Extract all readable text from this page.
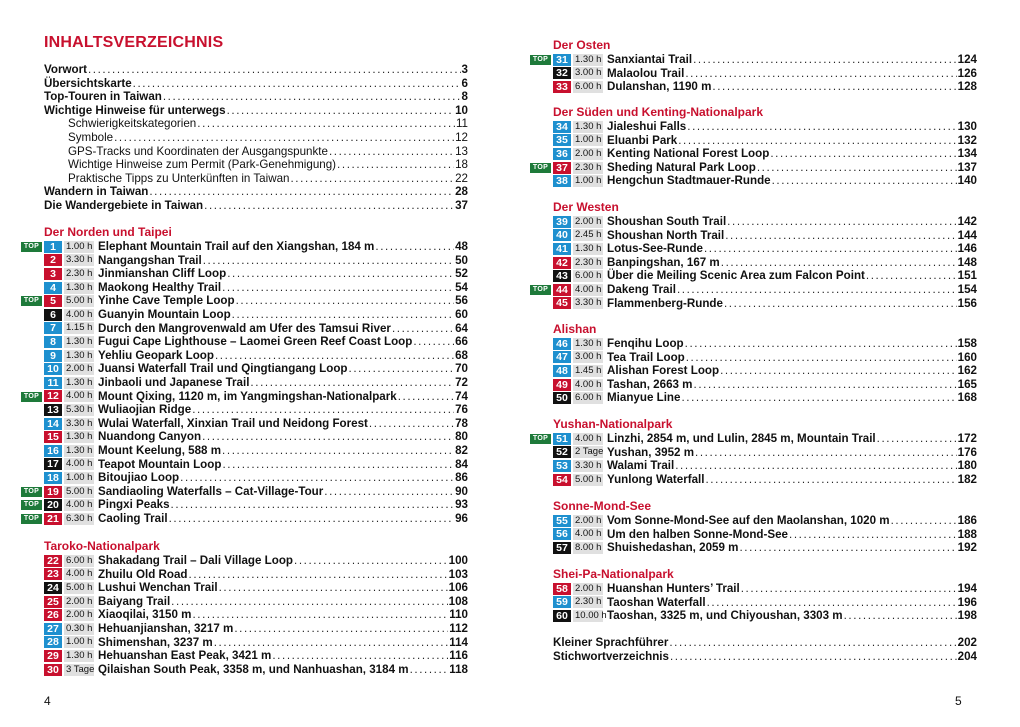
INHALTSVERZEICHNIS
Vorwort .....	3
Übersichtskarte .....	6
Top-Touren in Taiwan .....	8
Wichtige Hinweise für unterwegs .....	10
Schwierigkeitskategorien .....	11
Symbole .....	12
GPS-Tracks und Koordinaten der Ausgangspunkte .....	13
Wichtige Hinweise zum Permit (Park-Genehmigung) .....	18
Praktische Tipps zu Unterkünften in Taiwan .....	22
Wandern in Taiwan .....	28
Die Wandergebiete in Taiwan .....	37
Der Norden und Taipei
TOP	1	1.00 h Elephant Mountain Trail auf den Xiangshan, 184 m .....	48
2	3.30 h Nangangshan Trail .....	50
3	2.30 h Jinmianshan Cliff Loop .....	52
4	1.30 h Maokong Healthy Trail .....	54
TOP	5	5.00 h Yinhe Cave Temple Loop .....	56
6	4.00 h Guanyin Mountain Loop .....	60
7	1.15 h Durch den Mangrovenwald am Ufer des Tamsui River .....	64
8	1.30 h Fugui Cape Lighthouse – Laomei Green Reef Coast Loop .....	66
9	1.30 h Yehliu Geopark Loop .....	68
10 2.00 h Juansi Waterfall Trail und Qingtiangang Loop .....	70
11 1.30 h Jinbaoli und Japanese Trail .....	72
TOP 12 4.00 h Mount Qixing, 1120 m, im Yangmingshan-Nationalpark .....	74
13 5.30 h Wuliaojian Ridge .....	76
14 3.30 h Wulai Waterfall, Xinxian Trail und Neidong Forest .....	78
15 1.30 h Nuandong Canyon .....	80
16 1.30 h Mount Keelung, 588 m .....	82
17 4.00 h Teapot Mountain Loop .....	84
18 1.00 h Bitoujiao Loop .....	86
TOP 19 5.00 h Sandiaoling Waterfalls – Cat-Village-Tour .....	90
TOP 20 4.00 h Pingxi Peaks .....	93
TOP 21 6.30 h Caoling Trail .....	96
Taroko-Nationalpark
22 6.00 h Shakadang Trail – Dali Village Loop .....	100
23 4.00 h Zhuilu Old Road .....	103
24 5.00 h Lushui Wenchan Trail .....	106
25 2.00 h Baiyang Trail .....	108
26 2.00 h Xiaoqilai, 3150 m .....	110
27 0.30 h Hehuanjianshan, 3217 m .....	112
28 1.00 h Shimenshan, 3237 m .....	114
29 1.30 h Hehuanshan East Peak, 3421 m .....	116
30 3 Tage Qilaishan South Peak, 3358 m, und Nanhuashan, 3184 m .....	118
Der Osten
TOP 31 1.30 h Sanxiantai Trail .....	124
32 3.00 h Malaolou Trail .....	126
33 6.00 h Dulanshan, 1190 m .....	128
Der Süden und Kenting-Nationalpark
34 1.30 h Jialeshui Falls .....	130
35 1.00 h Eluanbi Park .....	132
36 2.00 h Kenting National Forest Loop .....	134
TOP 37 2.30 h Sheding Natural Park Loop .....	137
38 1.00 h Hengchun Stadtmauer-Runde .....	140
Der Westen
39 2.00 h Shoushan South Trail .....	142
40 2.45 h Shoushan North Trail .....	144
41 1.30 h Lotus-See-Runde .....	146
42 2.30 h Banpingshan, 167 m .....	148
43 6.00 h Über die Meiling Scenic Area zum Falcon Point .....	151
TOP 44 4.00 h Dakeng Trail .....	154
45 3.30 h Flammenberg-Runde .....	156
Alishan
46 1.30 h Fenqihu Loop .....	158
47 3.00 h Tea Trail Loop .....	160
48 1.45 h Alishan Forest Loop .....	162
49 4.00 h Tashan, 2663 m .....	165
50 6.00 h Mianyue Line .....	168
Yushan-Nationalpark
TOP 51 4.00 h Linzhi, 2854 m, und Lulin, 2845 m, Mountain Trail .....	172
52 2 Tage Yushan, 3952 m .....	176
53 3.30 h Walami Trail .....	180
54 5.00 h Yunlong Waterfall .....	182
Sonne-Mond-See
55 2.00 h Vom Sonne-Mond-See auf den Maolanshan, 1020 m .....	186
56 4.00 h Um den halben Sonne-Mond-See .....	188
57 8.00 h Shuishedashan, 2059 m .....	192
Shei-Pa-Nationalpark
58 2.00 h Huanshan Hunters’ Trail .....	194
59 2.30 h Taoshan Waterfall .....	196
60 10.00 h Taoshan, 3325 m, und Chiyoushan, 3303 m .....	198
Kleiner Sprachführer .....	202
Stichwortverzeichnis .....	204
4	5
